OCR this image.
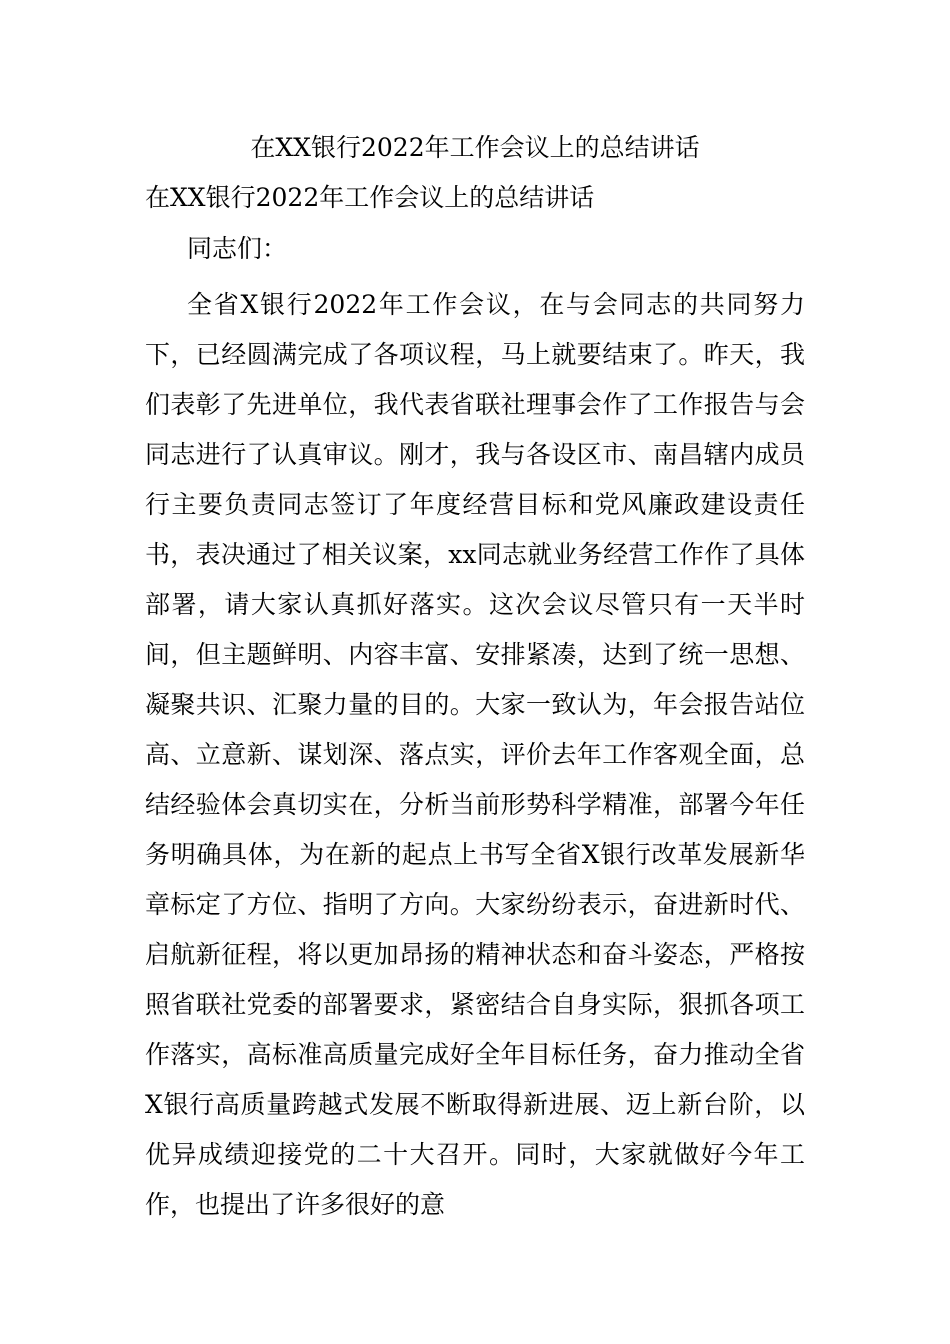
在XX银行2022年工作会议上的总结讲话
在XX银行2022年工作会议上的总结讲话

同志们：

全省X银行2022年工作会议，在与会同志的共同努力下，已经圆满完成了各项议程，马上就要结束了。昨天，我们表彰了先进单位，我代表省联社理事会作了工作报告与会同志进行了认真审议。刚才，我与各设区市、南昌辖内成员行主要负责同志签订了年度经营目标和党风廉政建设责任书，表决通过了相关议案，xx同志就业务经营工作作了具体部署，请大家认真抓好落实。这次会议尽管只有一天半时间，但主题鲜明、内容丰富、安排紧凑，达到了统一思想、凝聚共识、汇聚力量的目的。大家一致认为，年会报告站位高、立意新、谋划深、落点实，评价去年工作客观全面，总结经验体会真切实在，分析当前形势科学精准，部署今年任务明确具体，为在新的起点上书写全省X银行改革发展新华章标定了方位、指明了方向。大家纷纷表示，奋进新时代、启航新征程，将以更加昂扬的精神状态和奋斗姿态，严格按照省联社党委的部署要求，紧密结合自身实际，狠抓各项工作落实，高标准高质量完成好全年目标任务，奋力推动全省X银行高质量跨越式发展不断取得新进展、迈上新台阶，以优异成绩迎接党的二十大召开。同时，大家就做好今年工作，也提出了许多很好的意
